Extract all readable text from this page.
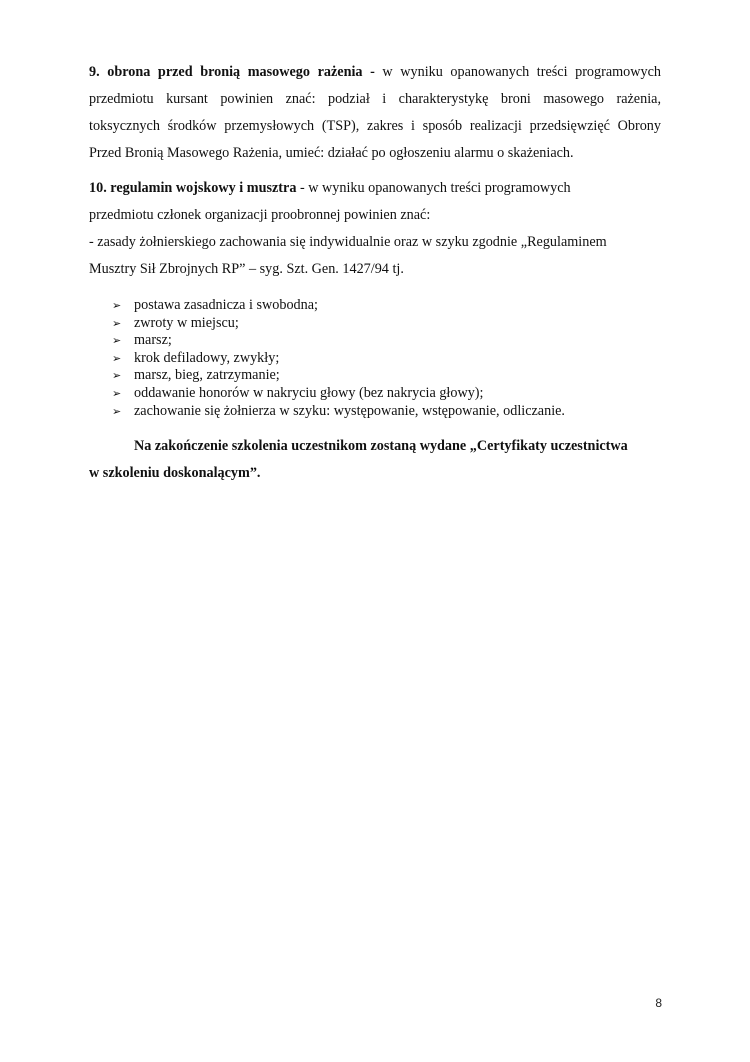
9. obrona przed bronią masowego rażenia - w wyniku opanowanych treści programowych
przedmiotu kursant powinien znać: podział i charakterystykę broni masowego rażenia,
toksycznych środków przemysłowych (TSP), zakres i sposób realizacji przedsięwzięć Obrony
Przed Bronią Masowego Rażenia, umieć: działać po ogłoszeniu alarmu o skażeniach.
10. regulamin wojskowy i musztra - w wyniku opanowanych treści programowych
przedmiotu członek organizacji proobronnej powinien znać:
- zasady żołnierskiego zachowania się indywidualnie oraz w szyku zgodnie „Regulaminem
Musztry Sił Zbrojnych RP” – syg. Szt. Gen. 1427/94 tj.
➢ postawa zasadnicza i swobodna;
➢ zwroty w miejscu;
➢ marsz;
➢ krok defiladowy, zwykły;
➢ marsz, bieg, zatrzymanie;
➢ oddawanie honorów w nakryciu głowy (bez nakrycia głowy);
➢ zachowanie się żołnierza w szyku: występowanie, wstępowanie, odliczanie.
Na zakończenie szkolenia uczestnikom zostaną wydane „Certyfikaty uczestnictwa
w szkoleniu doskonalącym”.
8
